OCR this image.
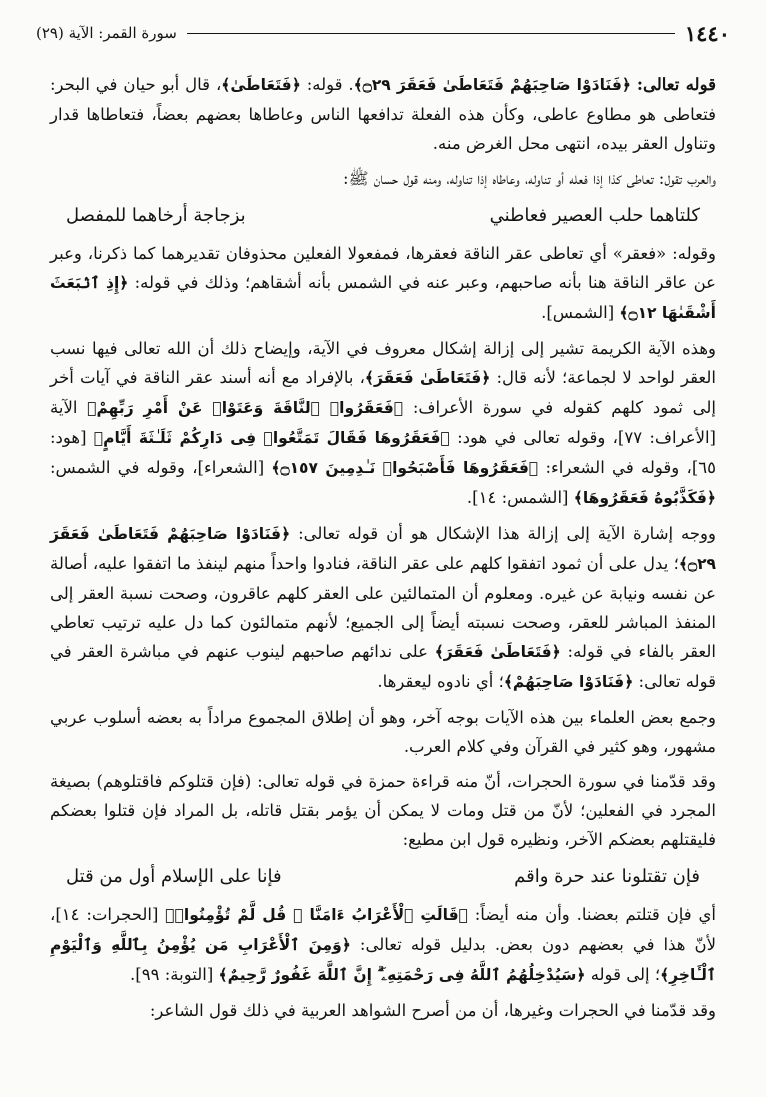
١٤٤٠
سورة القمر: الآية (٢٩)

قوله تعالى: ﴿فَنَادَوْا صَاحِبَهُمْ فَتَعَاطَىٰ فَعَقَرَ ۝٢٩﴾. قوله: ﴿فَتَعَاطَىٰ﴾، قال أبو حيان في البحر: فتعاطى هو مطاوع عاطى، وكأن هذه الفعلة تدافعها الناس وعاطاها بعضهم بعضاً، فتعاطاها قدار وتناول العقر بيده، انتهى محل الغرض منه.

والعرب تقول: تعاطى كذا إذا فعله أو تناوله، وعاطاه إذا تناوله، ومنه قول حسان ﷺ:

كلتاهما حلب العصير فعاطني
بزجاجة أرخاهما للمفصل

وقوله: «فعقر» أي تعاطى عقر الناقة فعقرها، فمفعولا الفعلين محذوفان تقديرهما كما ذكرنا، وعبر عن عاقر الناقة هنا بأنه صاحبهم، وعبر عنه في الشمس بأنه أشقاهم؛ وذلك في قوله: ﴿إِذِ ٱنۢبَعَثَ أَشْقَىٰهَا ۝١٢﴾ [الشمس].

وهذه الآية الكريمة تشير إلى إزالة إشكال معروف في الآية، وإيضاح ذلك أن الله تعالى فيها نسب العقر لواحد لا لجماعة؛ لأنه قال: ﴿فَتَعَاطَىٰ فَعَقَرَ﴾، بالإفراد مع أنه أسند عقر الناقة في آيات أخر إلى ثمود كلهم كقوله في سورة الأعراف: ﴿فَعَقَرُوا۟ ٱلنَّاقَةَ وَعَتَوْا۟ عَنْ أَمْرِ رَبِّهِمْ﴾ الآية [الأعراف: ٧٧]، وقوله تعالى في هود: ﴿فَعَقَرُوهَا فَقَالَ تَمَتَّعُوا۟ فِى دَارِكُمْ ثَلَـٰثَةَ أَيَّامٍ﴾ [هود: ٦٥]، وقوله في الشعراء: ﴿فَعَقَرُوهَا فَأَصْبَحُوا۟ نَـٰدِمِينَ ۝١٥٧﴾ [الشعراء]، وقوله في الشمس: ﴿فَكَذَّبُوهُ فَعَقَرُوهَا﴾ [الشمس: ١٤].

ووجه إشارة الآية إلى إزالة هذا الإشكال هو أن قوله تعالى: ﴿فَنَادَوْا صَاحِبَهُمْ فَتَعَاطَىٰ فَعَقَرَ ۝٢٩﴾؛ يدل على أن ثمود اتفقوا كلهم على عقر الناقة، فنادوا واحداً منهم لينفذ ما اتفقوا عليه، أصالة عن نفسه ونيابة عن غيره. ومعلوم أن المتمالئين على العقر كلهم عاقرون، وصحت نسبة العقر إلى المنفذ المباشر للعقر، وصحت نسبته أيضاً إلى الجميع؛ لأنهم متمالئون كما دل عليه ترتيب تعاطي العقر بالفاء في قوله: ﴿فَتَعَاطَىٰ فَعَقَرَ﴾ على ندائهم صاحبهم لينوب عنهم في مباشرة العقر في قوله تعالى: ﴿فَنَادَوْا صَاحِبَهُمْ﴾؛ أي نادوه ليعقرها.

وجمع بعض العلماء بين هذه الآيات بوجه آخر، وهو أن إطلاق المجموع مراداً به بعضه أسلوب عربي مشهور، وهو كثير في القرآن وفي كلام العرب.

وقد قدّمنا في سورة الحجرات، أنّ منه قراءة حمزة في قوله تعالى: (فإن قتلوكم فاقتلوهم) بصيغة المجرد في الفعلين؛ لأنّ من قتل ومات لا يمكن أن يؤمر بقتل قاتله، بل المراد فإن قتلوا بعضكم فليقتلهم بعضكم الآخر، ونظيره قول ابن مطيع:

فإن تقتلونا عند حرة واقم
فإنا على الإسلام أول من قتل

أي فإن قتلتم بعضنا. وأن منه أيضاً: ﴿قَالَتِ ٱلْأَعْرَابُ ءَامَنَّا ۖ قُل لَّمْ تُؤْمِنُوا۟﴾ [الحجرات: ١٤]، لأنّ هذا في بعضهم دون بعض. بدليل قوله تعالى: ﴿وَمِنَ ٱلْأَعْرَابِ مَن يُؤْمِنُ بِٱللَّهِ وَٱلْيَوْمِ ٱلْـَٔاخِرِ﴾؛ إلى قوله ﴿سَيُدْخِلُهُمُ ٱللَّهُ فِى رَحْمَتِهِۦٓ ۗ إِنَّ ٱللَّهَ غَفُورٌ رَّحِيمٌ﴾ [التوبة: ٩٩].

وقد قدّمنا في الحجرات وغيرها، أن من أصرح الشواهد العربية في ذلك قول الشاعر:
